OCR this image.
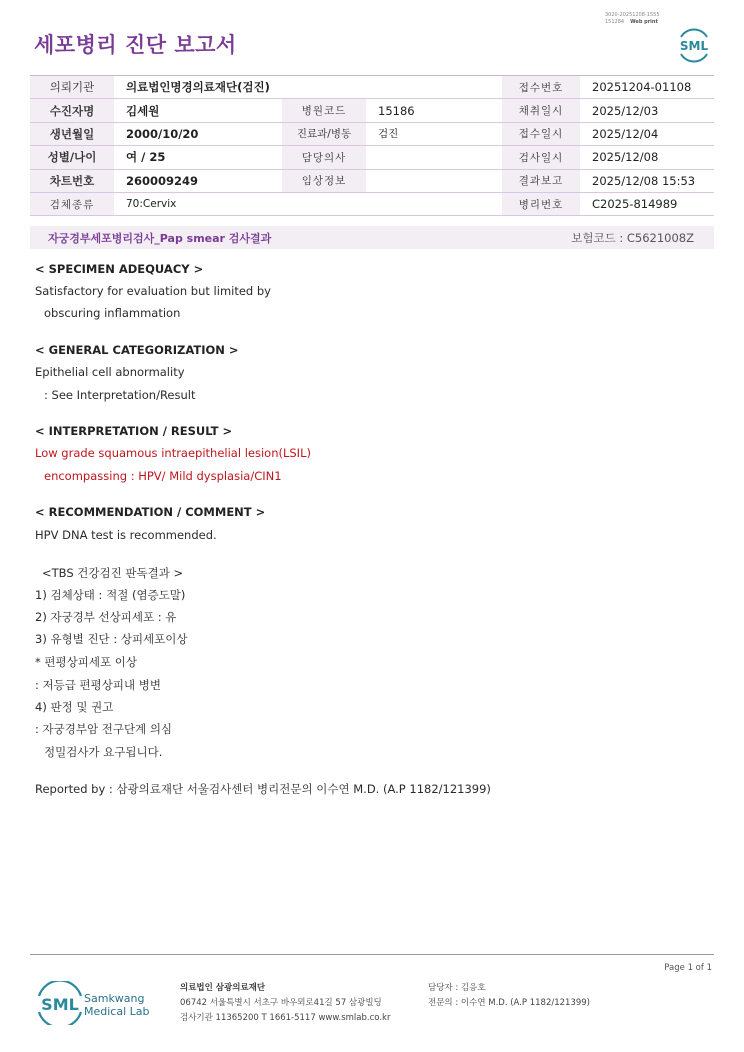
세포병리 진단 보고서
3020-20251208-1555
151284 Web print
SML
의뢰기관	의료법인명경의료재단(검진)			접수번호	20251204-01108
수진자명	김세원	병원코드	15186	채취일시	2025/12/03
생년월일	2000/10/20	진료과/병동	검진	접수일시	2025/12/04
성별/나이	여 / 25	담당의사		검사일시	2025/12/08
차트번호	260009249	임상정보		결과보고	2025/12/08 15:53
검체종류	70:Cervix			병리번호	C2025-814989
자궁경부세포병리검사_Pap smear 검사결과	보험코드 : C5621008Z
< SPECIMEN ADEQUACY >
Satisfactory for evaluation but limited by
obscuring inflammation
< GENERAL CATEGORIZATION >
Epithelial cell abnormality
: See Interpretation/Result
< INTERPRETATION / RESULT >
Low grade squamous intraepithelial lesion(LSIL)
encompassing : HPV/ Mild dysplasia/CIN1
< RECOMMENDATION / COMMENT >
HPV DNA test is recommended.
<TBS 건강검진 판독결과 >
1) 검체상태 : 적절 (염증도말)
2) 자궁경부 선상피세포 : 유
3) 유형별 진단 : 상피세포이상
* 편평상피세포 이상
: 저등급 편평상피내 병변
4) 판정 및 권고
: 자궁경부암 전구단계 의심
정밀검사가 요구됩니다.
Reported by : 삼광의료재단 서울검사센터 병리전문의 이수연 M.D. (A.P 1182/121399)
Page 1 of 1
SML Samkwang
Medical Lab
의료법인 삼광의료재단
06742 서울특별시 서초구 바우뫼로41길 57 삼광빌딩
검사기관 11365200 T 1661-5117 www.smlab.co.kr
담당자 : 김응호
전문의 : 이수연 M.D. (A.P 1182/121399)
